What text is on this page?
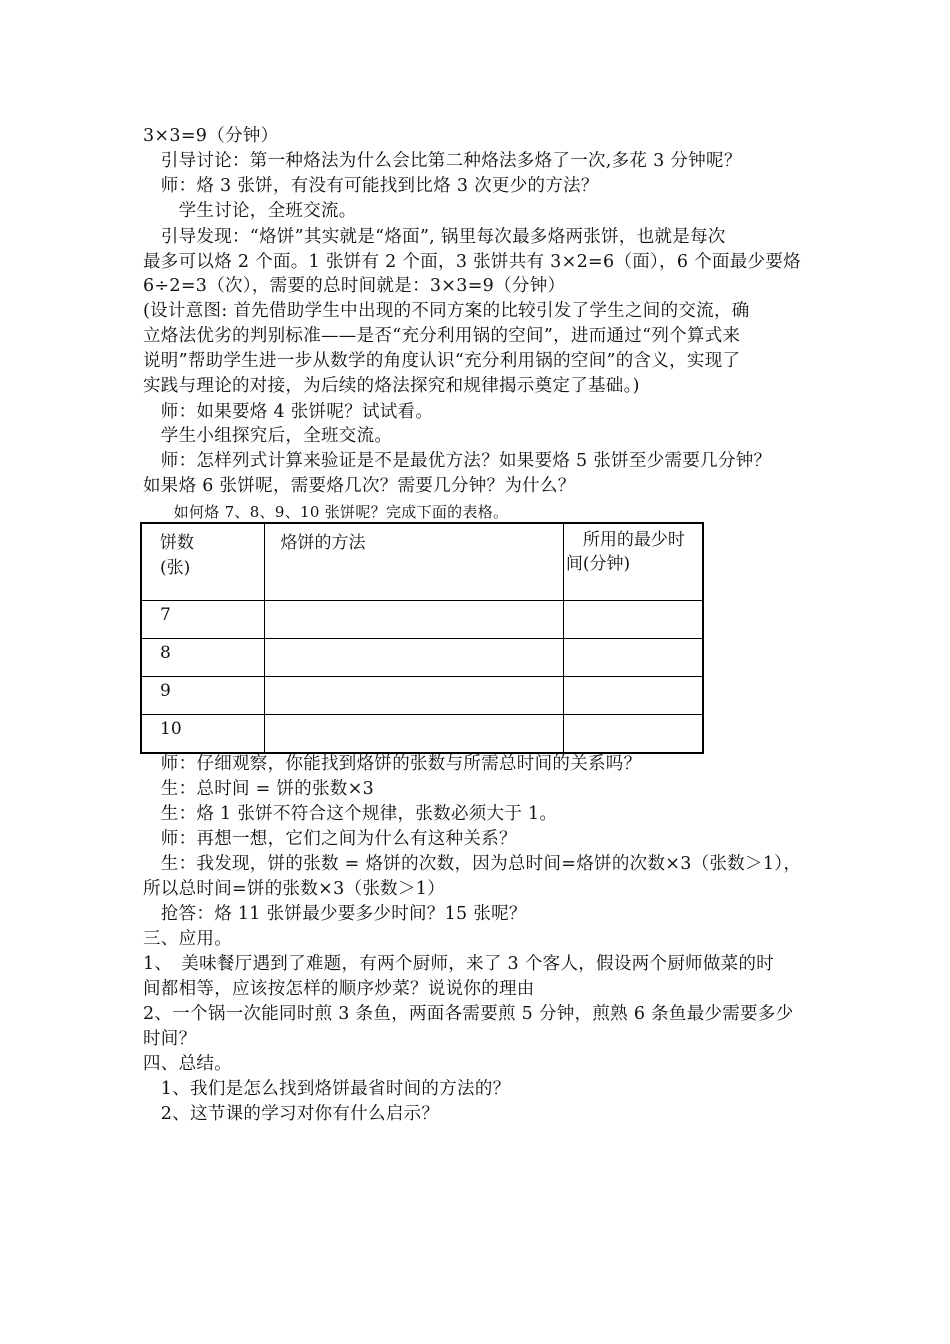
3×3=9（分钟）
　引导讨论：第一种烙法为什么会比第二种烙法多烙了一次,多花 3 分钟呢？
　师：烙 3 张饼，有没有可能找到比烙 3 次更少的方法？
　　学生讨论，全班交流。
　引导发现：“烙饼”其实就是“烙面”, 锅里每次最多烙两张饼，也就是每次
最多可以烙 2 个面。1 张饼有 2 个面，3 张饼共有 3×2=6（面），6 个面最少要烙
6÷2=3（次），需要的总时间就是：3×3=9（分钟）
(设计意图: 首先借助学生中出现的不同方案的比较引发了学生之间的交流，确
立烙法优劣的判别标准——是否“充分利用锅的空间”，进而通过“列个算式来
说明”帮助学生进一步从数学的角度认识“充分利用锅的空间”的含义，实现了
实践与理论的对接，为后续的烙法探究和规律揭示奠定了基础。)
　师：如果要烙 4 张饼呢？试试看。
　学生小组探究后，全班交流。
　师：怎样列式计算来验证是不是最优方法？如果要烙 5 张饼至少需要几分钟？
如果烙 6 张饼呢，需要烙几次？需要几分钟？为什么？
　　如何烙 7、8、9、10 张饼呢？完成下面的表格。
饼数
(张)	烙饼的方法	　所用的最少时间(分钟)
7		
8		
9		
10		
　师：仔细观察，你能找到烙饼的张数与所需总时间的关系吗？
　生：总时间 = 饼的张数×3
　生：烙 1 张饼不符合这个规律，张数必须大于 1。
　师：再想一想，它们之间为什么有这种关系？
　生：我发现，饼的张数 = 烙饼的次数，因为总时间=烙饼的次数×3（张数＞1），
所以总时间=饼的张数×3（张数＞1）
　抢答：烙 11 张饼最少要多少时间？15 张呢？
三、应用。
1、　美味餐厅遇到了难题，有两个厨师，来了 3 个客人，假设两个厨师做菜的时
间都相等，应该按怎样的顺序炒菜？说说你的理由
2、一个锅一次能同时煎 3 条鱼，两面各需要煎 5 分钟，煎熟 6 条鱼最少需要多少
时间？
四、总结。
　1、我们是怎么找到烙饼最省时间的方法的？
　2、这节课的学习对你有什么启示？
